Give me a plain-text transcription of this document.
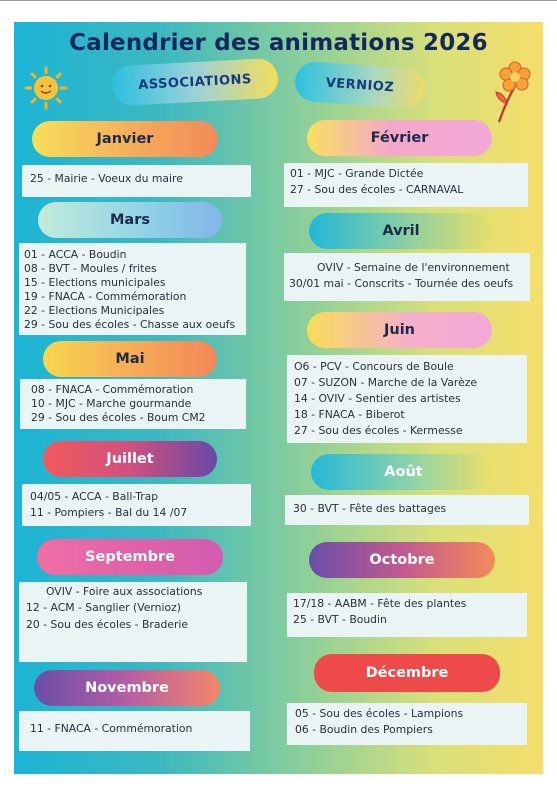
Calendrier des animations 2026
ASSOCIATIONS	VERNIOZ
Janvier
25 - Mairie - Voeux du maire
Mars
01 - ACCA - Boudin
08 - BVT - Moules / frites
15 - Elections municipales
19 - FNACA - Commémoration
22 - Elections Municipales
29 - Sou des écoles - Chasse aux oeufs
Mai
08 - FNACA - Commémoration
10 - MJC - Marche gourmande
29 - Sou des écoles - Boum CM2
Juillet
04/05 - ACCA - Ball-Trap
11 - Pompiers - Bal du 14 /07
Septembre
OVIV - Foire aux associations
12 - ACM - Sanglier (Vernioz)
20 - Sou des écoles - Braderie
Novembre
11 - FNACA - Commémoration
Février
01 - MJC - Grande Dictée
27 - Sou des écoles - CARNAVAL
Avril
OVIV - Semaine de l'environnement
30/01 mai - Conscrits - Tournée des oeufs
Juin
O6 - PCV - Concours de Boule
07 - SUZON - Marche de la Varèze
14 - OVIV - Sentier des artistes
18 - FNACA - Biberot
27 - Sou des écoles - Kermesse
Août
30 - BVT - Fête des battages
Octobre
17/18 - AABM - Fête des plantes
25 - BVT - Boudin
Décembre
05 - Sou des écoles - Lampions
06 - Boudin des Pompiers
